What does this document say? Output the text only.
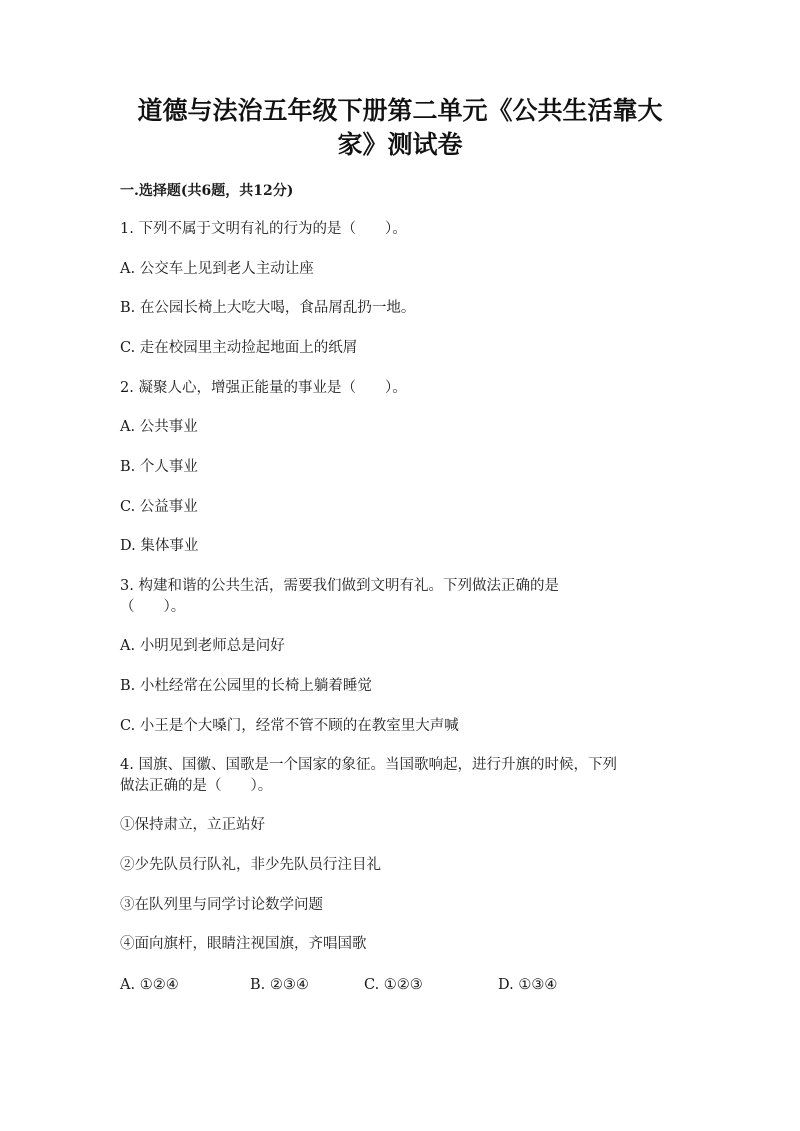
道德与法治五年级下册第二单元《公共生活靠大
家》测试卷
一.选择题(共6题，共12分)
1. 下列不属于文明有礼的行为的是（　　）。
A. 公交车上见到老人主动让座
B. 在公园长椅上大吃大喝，食品屑乱扔一地。
C. 走在校园里主动捡起地面上的纸屑
2. 凝聚人心，增强正能量的事业是（　　）。
A. 公共事业
B. 个人事业
C. 公益事业
D. 集体事业
3. 构建和谐的公共生活，需要我们做到文明有礼。下列做法正确的是
（　　）。
A. 小明见到老师总是问好
B. 小杜经常在公园里的长椅上躺着睡觉
C. 小王是个大嗓门，经常不管不顾的在教室里大声喊
4. 国旗、国徽、国歌是一个国家的象征。当国歌响起，进行升旗的时候，下列
做法正确的是（　　）。
①保持肃立，立正站好
②少先队员行队礼，非少先队员行注目礼
③在队列里与同学讨论数学问题
④面向旗杆，眼睛注视国旗，齐唱国歌
A. ①②④	B. ②③④	C. ①②③	D. ①③④
